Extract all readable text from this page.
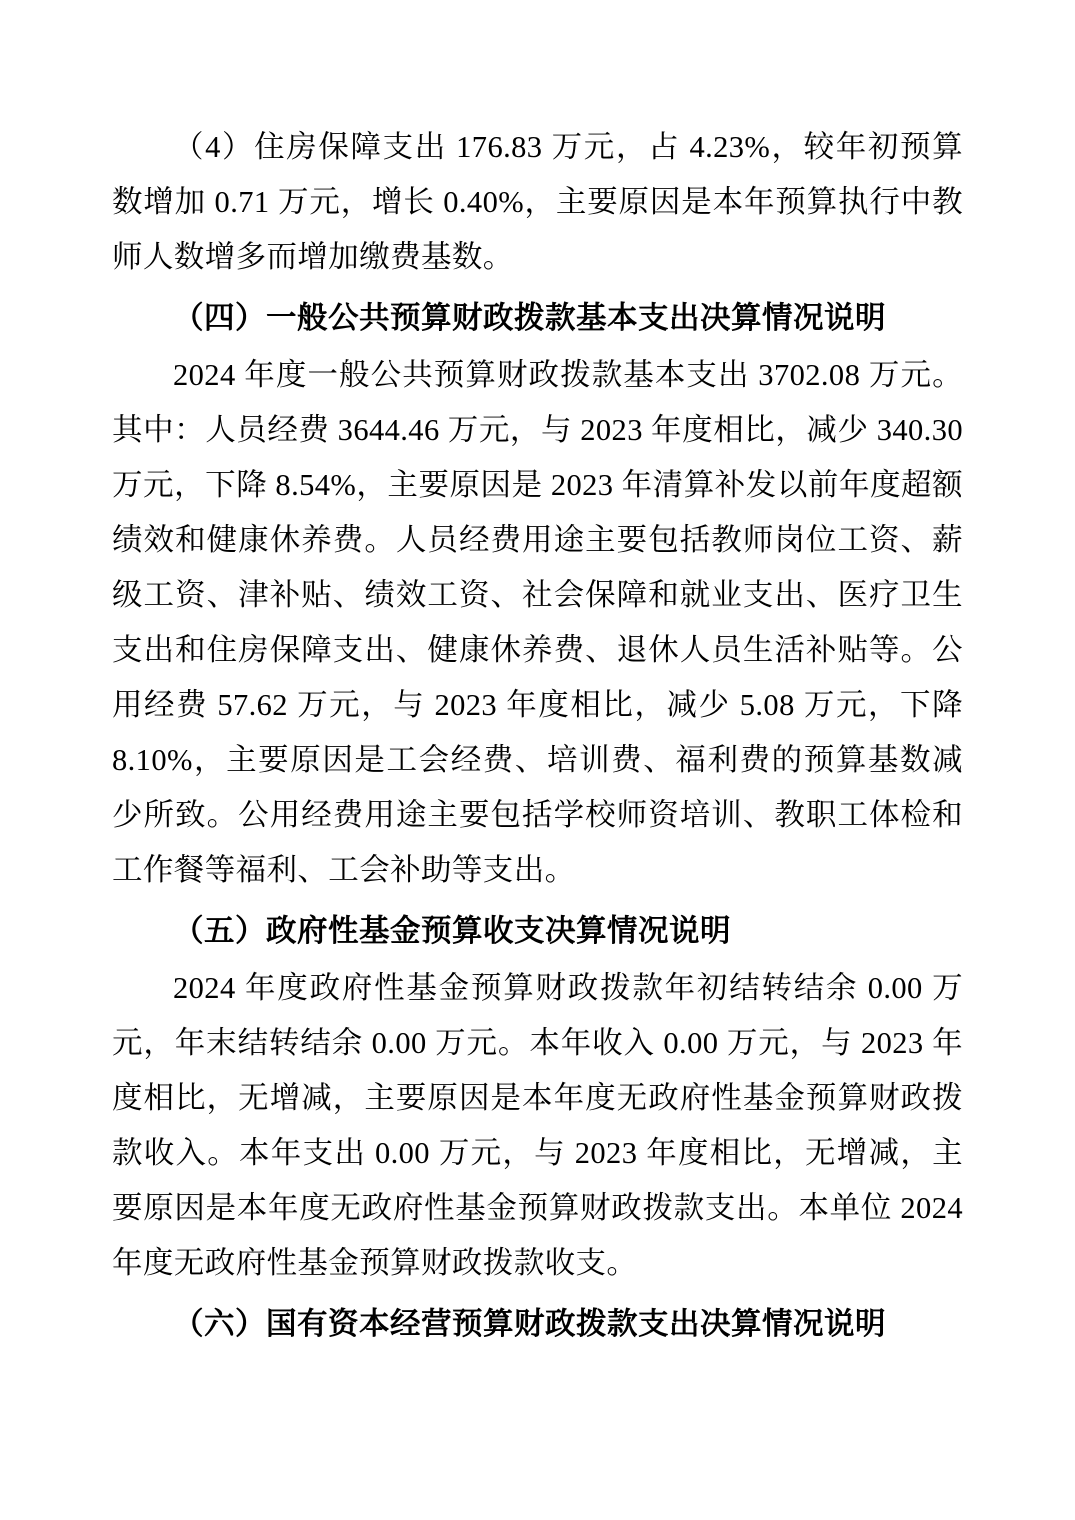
（4）住房保障支出 176.83 万元，占 4.23%，较年初预算数增加 0.71 万元，增长 0.40%，主要原因是本年预算执行中教师人数增多而增加缴费基数。

（四）一般公共预算财政拨款基本支出决算情况说明

2024 年度一般公共预算财政拨款基本支出 3702.08 万元。其中：人员经费 3644.46 万元，与 2023 年度相比，减少 340.30 万元，下降 8.54%，主要原因是 2023 年清算补发以前年度超额绩效和健康休养费。人员经费用途主要包括教师岗位工资、薪级工资、津补贴、绩效工资、社会保障和就业支出、医疗卫生支出和住房保障支出、健康休养费、退休人员生活补贴等。公用经费 57.62 万元，与 2023 年度相比，减少 5.08 万元，下降 8.10%，主要原因是工会经费、培训费、福利费的预算基数减少所致。公用经费用途主要包括学校师资培训、教职工体检和工作餐等福利、工会补助等支出。

（五）政府性基金预算收支决算情况说明

2024 年度政府性基金预算财政拨款年初结转结余 0.00 万元，年末结转结余 0.00 万元。本年收入 0.00 万元，与 2023 年度相比，无增减，主要原因是本年度无政府性基金预算财政拨款收入。本年支出 0.00 万元，与 2023 年度相比，无增减，主要原因是本年度无政府性基金预算财政拨款支出。本单位 2024 年度无政府性基金预算财政拨款收支。

（六）国有资本经营预算财政拨款支出决算情况说明
